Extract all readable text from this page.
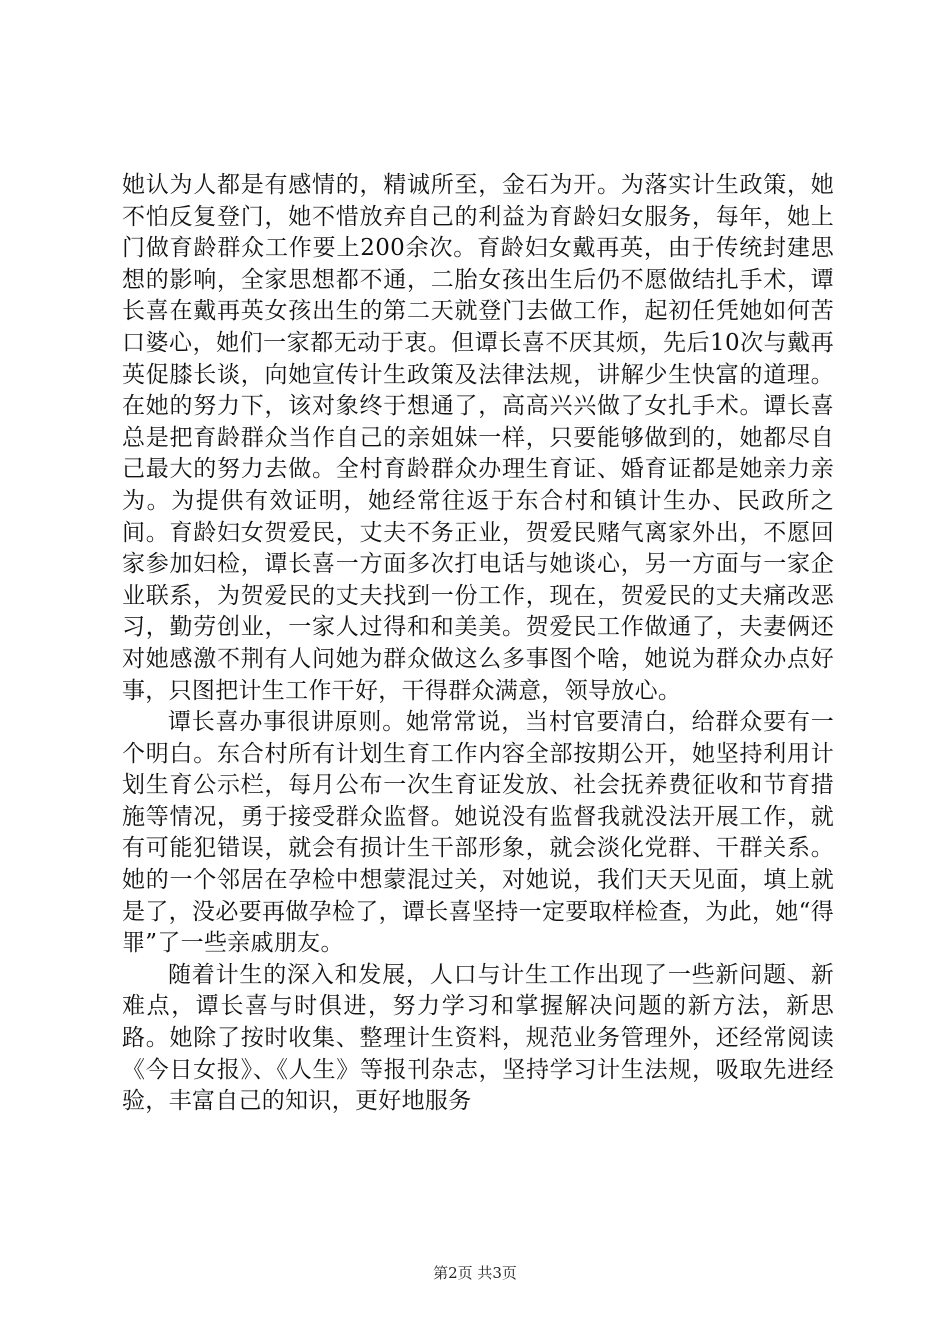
她认为人都是有感情的，精诚所至，金石为开。为落实计生政策，她不怕反复登门，她不惜放弃自己的利益为育龄妇女服务，每年，她上门做育龄群众工作要上200余次。育龄妇女戴再英，由于传统封建思想的影响，全家思想都不通，二胎女孩出生后仍不愿做结扎手术，谭长喜在戴再英女孩出生的第二天就登门去做工作，起初任凭她如何苦口婆心，她们一家都无动于衷。但谭长喜不厌其烦，先后10次与戴再英促膝长谈，向她宣传计生政策及法律法规，讲解少生快富的道理。在她的努力下，该对象终于想通了，高高兴兴做了女扎手术。谭长喜总是把育龄群众当作自己的亲姐妹一样，只要能够做到的，她都尽自己最大的努力去做。全村育龄群众办理生育证、婚育证都是她亲力亲为。为提供有效证明，她经常往返于东合村和镇计生办、民政所之间。育龄妇女贺爱民，丈夫不务正业，贺爱民赌气离家外出，不愿回家参加妇检，谭长喜一方面多次打电话与她谈心，另一方面与一家企业联系，为贺爱民的丈夫找到一份工作，现在，贺爱民的丈夫痛改恶习，勤劳创业，一家人过得和和美美。贺爱民工作做通了，夫妻俩还对她感激不荆有人问她为群众做这么多事图个啥，她说为群众办点好事，只图把计生工作干好，干得群众满意，领导放心。

谭长喜办事很讲原则。她常常说，当村官要清白，给群众要有一个明白。东合村所有计划生育工作内容全部按期公开，她坚持利用计划生育公示栏，每月公布一次生育证发放、社会抚养费征收和节育措施等情况，勇于接受群众监督。她说没有监督我就没法开展工作，就有可能犯错误，就会有损计生干部形象，就会淡化党群、干群关系。她的一个邻居在孕检中想蒙混过关，对她说，我们天天见面，填上就是了，没必要再做孕检了，谭长喜坚持一定要取样检查，为此，她“得罪”了一些亲戚朋友。

随着计生的深入和发展，人口与计生工作出现了一些新问题、新难点，谭长喜与时俱进，努力学习和掌握解决问题的新方法，新思路。她除了按时收集、整理计生资料，规范业务管理外，还经常阅读《今日女报》、《人生》等报刊杂志，坚持学习计生法规，吸取先进经验，丰富自己的知识，更好地服务

第2页 共3页
